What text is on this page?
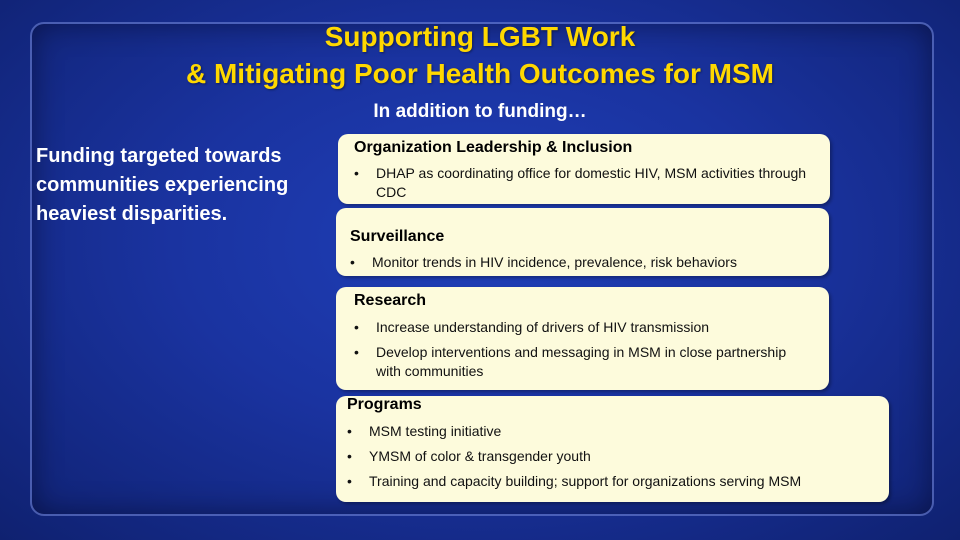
Supporting LGBT Work
& Mitigating Poor Health Outcomes for MSM
In addition to funding…
Funding targeted towards communities experiencing heaviest disparities.
Organization Leadership & Inclusion
• DHAP as coordinating office for domestic HIV, MSM activities through CDC
Surveillance
• Monitor trends in HIV incidence, prevalence, risk behaviors
Research
• Increase understanding of drivers of HIV transmission
• Develop interventions and messaging in MSM in close partnership with communities
Programs
• MSM testing initiative
• YMSM of color & transgender youth
• Training and capacity building; support for organizations serving MSM
